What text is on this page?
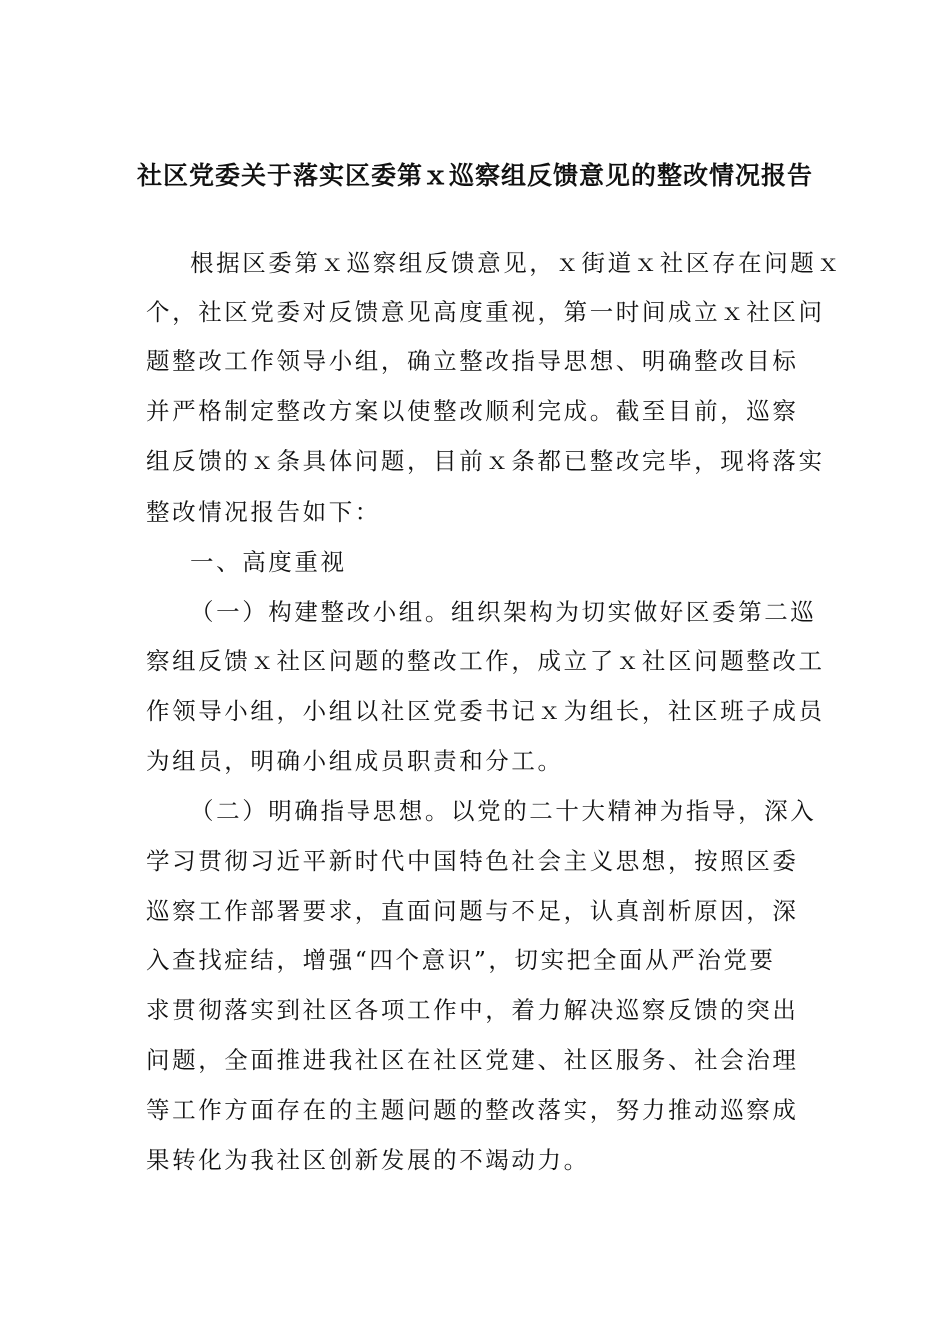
社区党委关于落实区委第ｘ巡察组反馈意见的整改情况报告
根据区委第ｘ巡察组反馈意见，ｘ街道ｘ社区存在问题ｘ
个，社区党委对反馈意见高度重视，第一时间成立ｘ社区问
题整改工作领导小组，确立整改指导思想、明确整改目标
并严格制定整改方案以使整改顺利完成。截至目前，巡察
组反馈的ｘ条具体问题，目前ｘ条都已整改完毕，现将落实
整改情况报告如下：
一、高度重视
（一）构建整改小组。组织架构为切实做好区委第二巡
察组反馈ｘ社区问题的整改工作，成立了ｘ社区问题整改工
作领导小组，小组以社区党委书记ｘ为组长，社区班子成员
为组员，明确小组成员职责和分工。
（二）明确指导思想。以党的二十大精神为指导，深入
学习贯彻习近平新时代中国特色社会主义思想，按照区委
巡察工作部署要求，直面问题与不足，认真剖析原因，深
入查找症结，增强“四个意识”，切实把全面从严治党要
求贯彻落实到社区各项工作中，着力解决巡察反馈的突出
问题，全面推进我社区在社区党建、社区服务、社会治理
等工作方面存在的主题问题的整改落实，努力推动巡察成
果转化为我社区创新发展的不竭动力。
